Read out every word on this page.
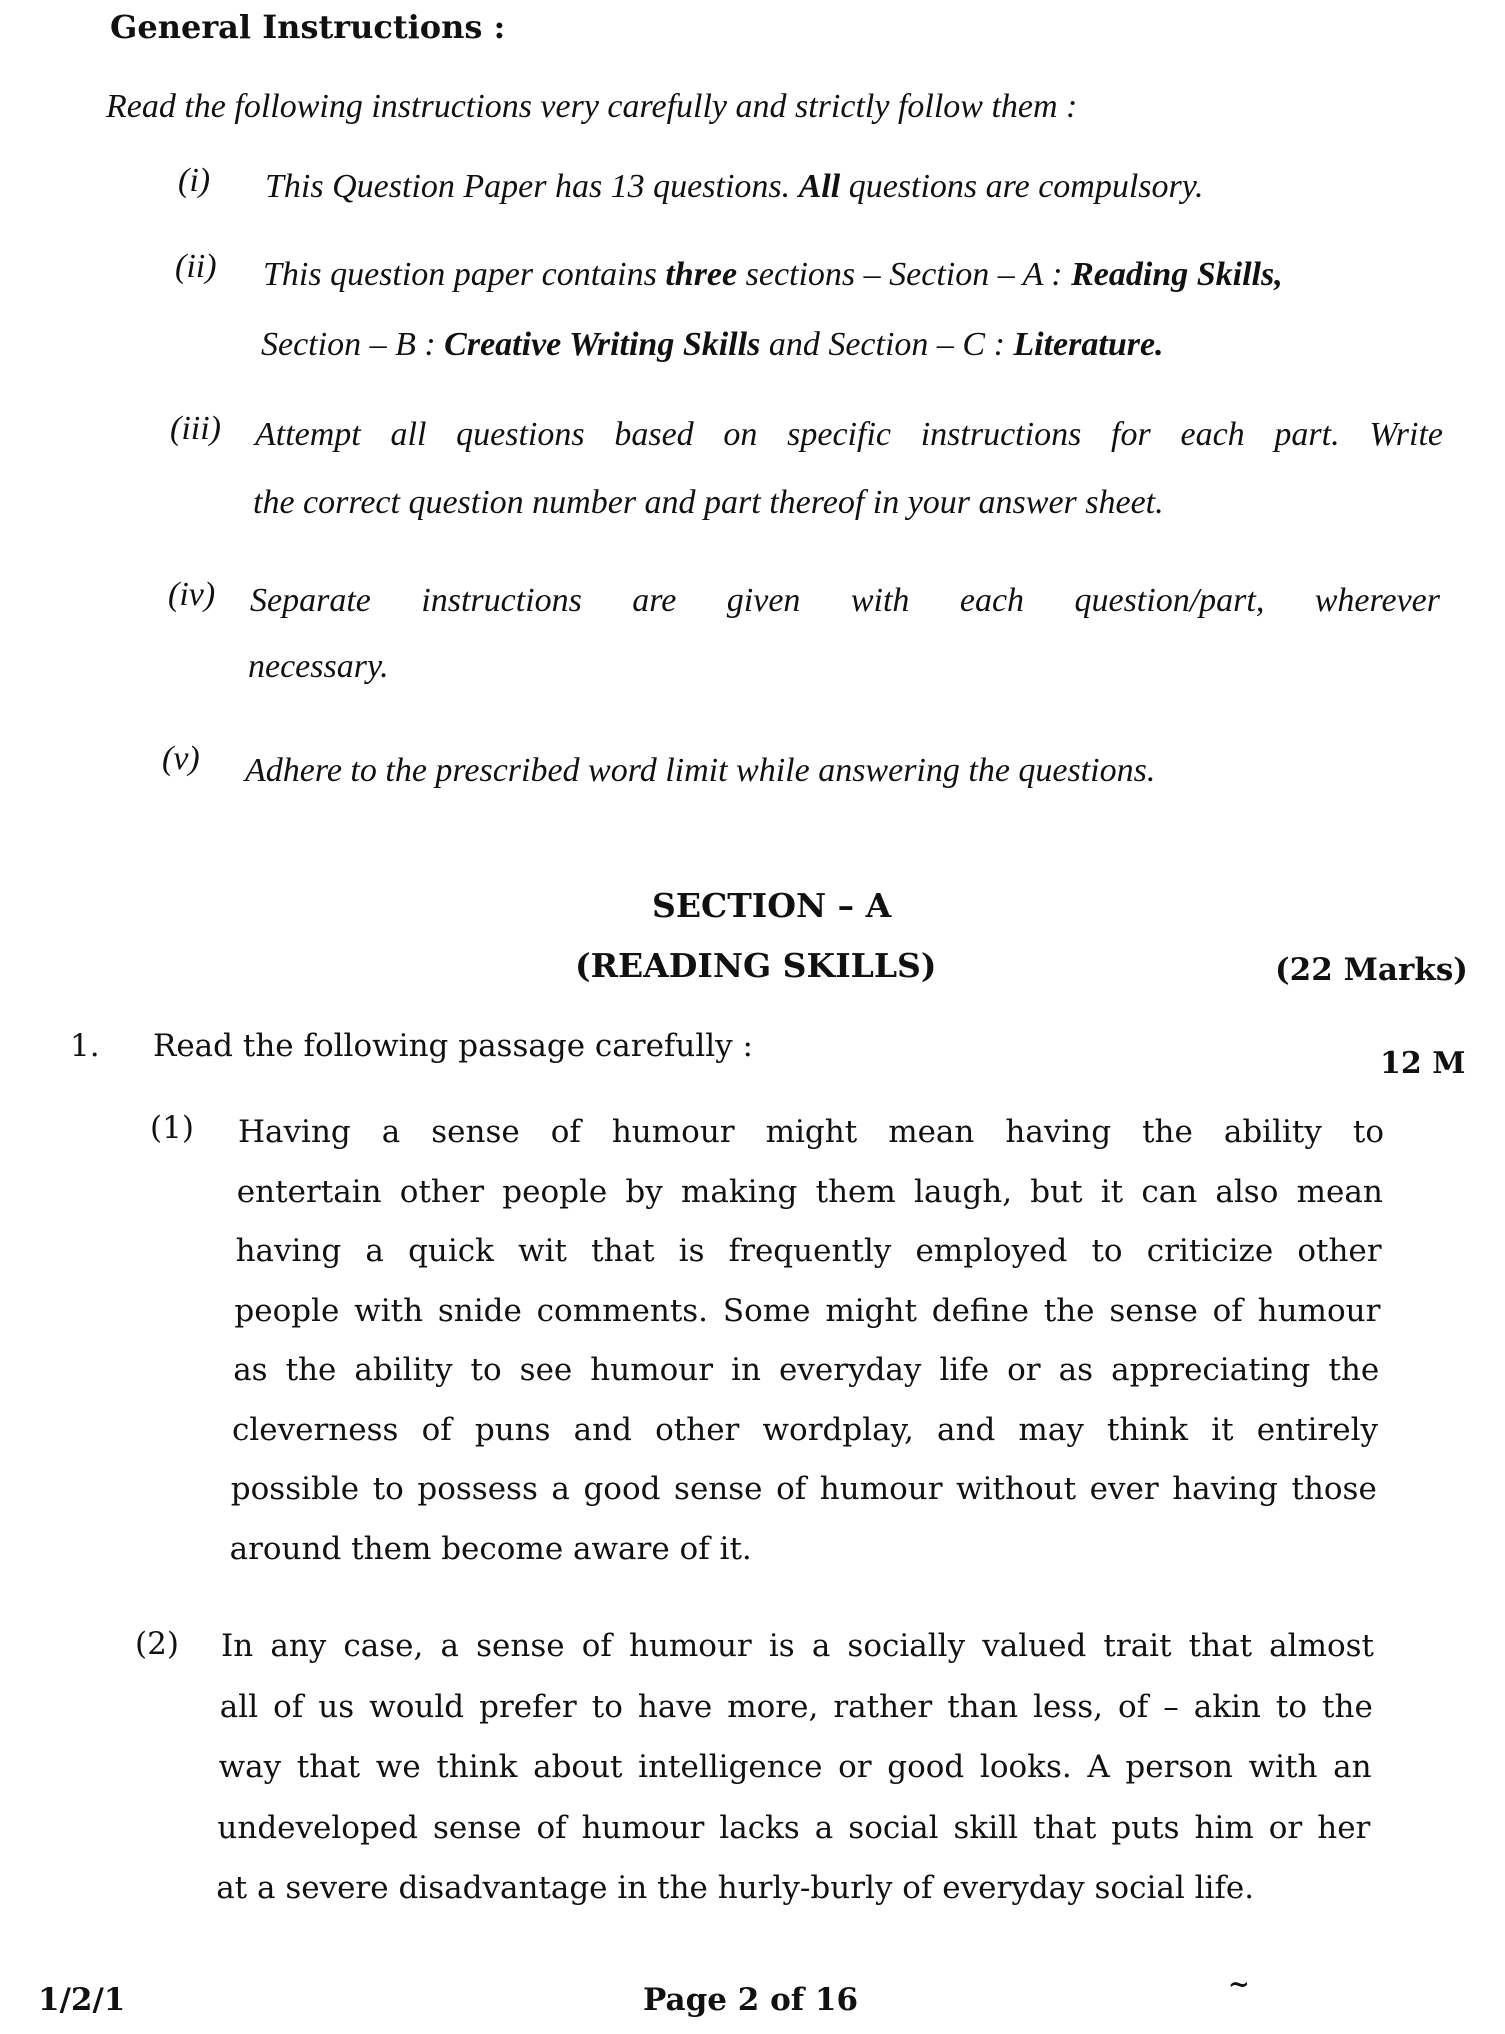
General Instructions :
Read the following instructions very carefully and strictly follow them :
(i) This Question Paper has 13 questions. All questions are compulsory.
(ii) This question paper contains three sections – Section – A : Reading Skills,
Section – B : Creative Writing Skills and Section – C : Literature.
(iii) Attempt all questions based on specific instructions for each part. Write
the correct question number and part thereof in your answer sheet.
(iv) Separate instructions are given with each question/part, wherever
necessary.
(v) Adhere to the prescribed word limit while answering the questions.
SECTION – A
(READING SKILLS)	(22 Marks)
1. Read the following passage carefully :	12 M
(1) Having a sense of humour might mean having the ability to
entertain other people by making them laugh, but it can also mean
having a quick wit that is frequently employed to criticize other
people with snide comments. Some might define the sense of humour
as the ability to see humour in everyday life or as appreciating the
cleverness of puns and other wordplay, and may think it entirely
possible to possess a good sense of humour without ever having those
around them become aware of it.
(2) In any case, a sense of humour is a socially valued trait that almost
all of us would prefer to have more, rather than less, of – akin to the
way that we think about intelligence or good looks. A person with an
undeveloped sense of humour lacks a social skill that puts him or her
at a severe disadvantage in the hurly-burly of everyday social life.
1/2/1	Page 2 of 16	~
